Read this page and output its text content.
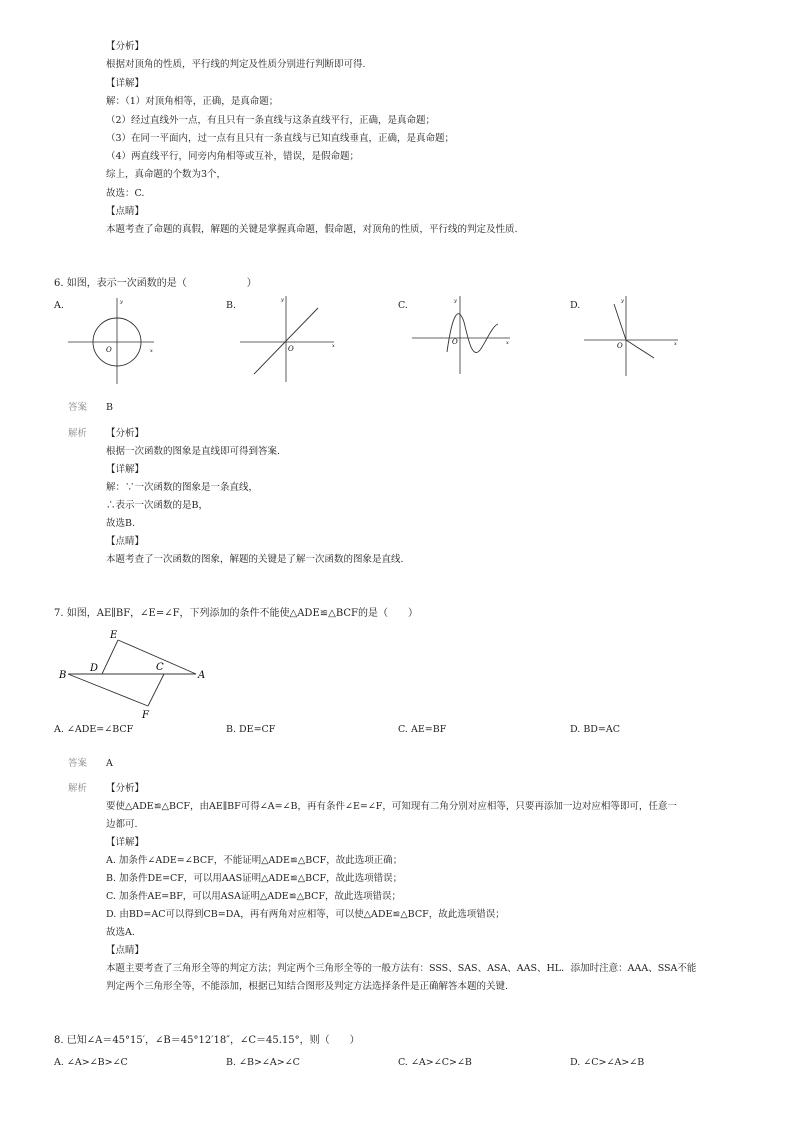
【分析】
根据对顶角的性质，平行线的判定及性质分别进行判断即可得.
【详解】
解：（1）对顶角相等，正确，是真命题；
（2）经过直线外一点，有且只有一条直线与这条直线平行，正确，是真命题；
（3）在同一平面内，过一点有且只有一条直线与已知直线垂直，正确，是真命题；
（4）两直线平行，同旁内角相等或互补，错误，是假命题；
综上，真命题的个数为3个，
故选：C.
【点睛】
本题考查了命题的真假，解题的关键是掌握真命题，假命题，对顶角的性质，平行线的判定及性质.
6. 如图，表示一次函数的是（　　　　　　）
A.	B.	C.	D.
O	x
y
O	x
y
O	x
y
O	x
y
答案 B
解析 【分析】
根据一次函数的图象是直线即可得到答案.
【详解】
解：∵一次函数的图象是一条直线，
∴表示一次函数的是B，
故选B.
【点睛】
本题考查了一次函数的图象，解题的关键是了解一次函数的图象是直线.
7. 如图，AE∥BF，∠E=∠F，下列添加的条件不能使△ADE≌△BCF的是（　　）
E
D	C
B	A
F
A. ∠ADE=∠BCF	B. DE=CF	C. AE=BF	D. BD=AC
答案 A
解析 【分析】
要使△ADE≌△BCF，由AE∥BF可得∠A=∠B，再有条件∠E=∠F，可知现有二角分别对应相等，只要再添加一边对应相等即可，任意一
边都可.
【详解】
A. 加条件∠ADE=∠BCF，不能证明△ADE≌△BCF，故此选项正确；
B. 加条件DE=CF，可以用AAS证明△ADE≌△BCF，故此选项错误；
C. 加条件AE=BF，可以用ASA证明△ADE≌△BCF，故此选项错误；
D. 由BD=AC可以得到CB=DA，再有两角对应相等，可以使△ADE≌△BCF，故此选项错误；
故选A.
【点睛】
本题主要考查了三角形全等的判定方法；判定两个三角形全等的一般方法有：SSS、SAS、ASA、AAS、HL．添加时注意：AAA、SSA不能
判定两个三角形全等，不能添加，根据已知结合图形及判定方法选择条件是正确解答本题的关键.
8. 已知∠A＝45°15′，∠B＝45°12′18″，∠C＝45.15°，则（　　）
A. ∠A>∠B>∠C	B. ∠B>∠A>∠C	C. ∠A>∠C>∠B	D. ∠C>∠A>∠B
